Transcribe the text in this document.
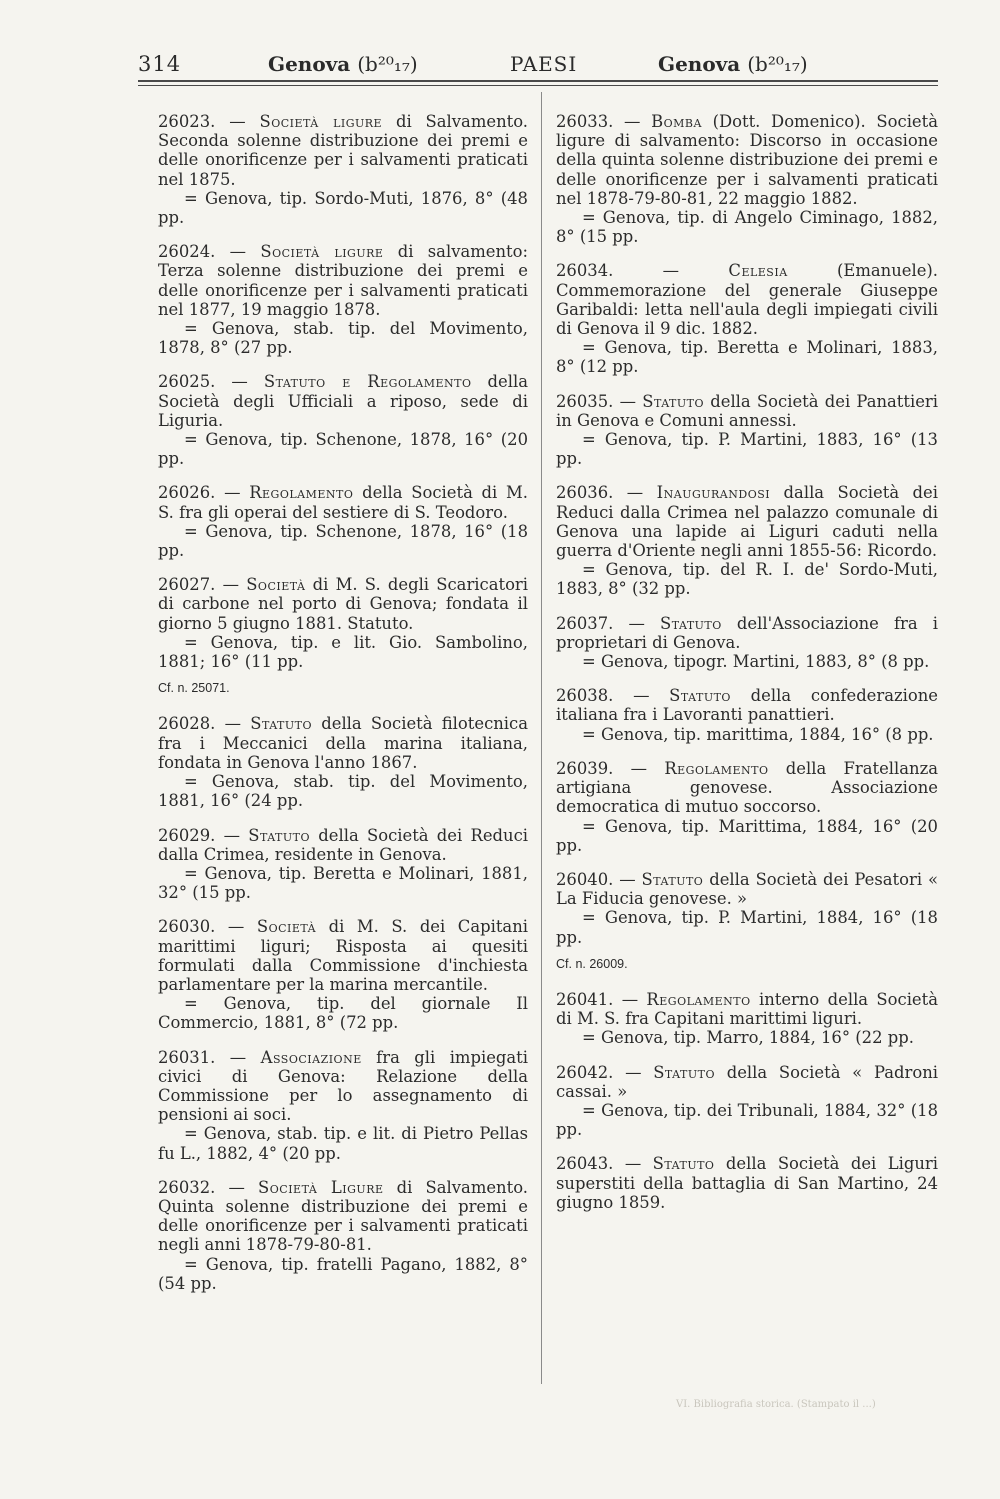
314	Genova (b²⁰₁₇)	PAESI	Genova (b²⁰₁₇)

26023. — Società ligure di Salvamento. Seconda solenne distribuzione dei premi e delle onorificenze per i salvamenti praticati nel 1875.

= Genova, tip. Sordo-Muti, 1876, 8° (48 pp.

26024. — Società ligure di salvamento: Terza solenne distribuzione dei premi e delle onorificenze per i salvamenti praticati nel 1877, 19 maggio 1878.

= Genova, stab. tip. del Movimento, 1878, 8° (27 pp.

26025. — Statuto e Regolamento della Società degli Ufficiali a riposo, sede di Liguria.

= Genova, tip. Schenone, 1878, 16° (20 pp.

26026. — Regolamento della Società di M. S. fra gli operai del sestiere di S. Teodoro.

= Genova, tip. Schenone, 1878, 16° (18 pp.

26027. — Società di M. S. degli Scaricatori di carbone nel porto di Genova; fondata il giorno 5 giugno 1881. Statuto.

= Genova, tip. e lit. Gio. Sambolino, 1881; 16° (11 pp.

Cf. n. 25071.

26028. — Statuto della Società filotecnica fra i Meccanici della marina italiana, fondata in Genova l'anno 1867.

= Genova, stab. tip. del Movimento, 1881, 16° (24 pp.

26029. — Statuto della Società dei Reduci dalla Crimea, residente in Genova.

= Genova, tip. Beretta e Molinari, 1881, 32° (15 pp.

26030. — Società di M. S. dei Capitani marittimi liguri; Risposta ai quesiti formulati dalla Commissione d'inchiesta parlamentare per la marina mercantile.

= Genova, tip. del giornale Il Commercio, 1881, 8° (72 pp.

26031. — Associazione fra gli impiegati civici di Genova: Relazione della Commissione per lo assegnamento di pensioni ai soci.

= Genova, stab. tip. e lit. di Pietro Pellas fu L., 1882, 4° (20 pp.

26032. — Società Ligure di Salvamento. Quinta solenne distribuzione dei premi e delle onorificenze per i salvamenti praticati negli anni 1878-79-80-81.

= Genova, tip. fratelli Pagano, 1882, 8° (54 pp.

26033. — Bomba (Dott. Domenico). Società ligure di salvamento: Discorso in occasione della quinta solenne distribuzione dei premi e delle onorificenze per i salvamenti praticati nel 1878-79-80-81, 22 maggio 1882.

= Genova, tip. di Angelo Ciminago, 1882, 8° (15 pp.

26034. — Celesia (Emanuele). Commemorazione del generale Giuseppe Garibaldi: letta nell'aula degli impiegati civili di Genova il 9 dic. 1882.

= Genova, tip. Beretta e Molinari, 1883, 8° (12 pp.

26035. — Statuto della Società dei Panattieri in Genova e Comuni annessi.

= Genova, tip. P. Martini, 1883, 16° (13 pp.

26036. — Inaugurandosi dalla Società dei Reduci dalla Crimea nel palazzo comunale di Genova una lapide ai Liguri caduti nella guerra d'Oriente negli anni 1855-56: Ricordo.

= Genova, tip. del R. I. de' Sordo-Muti, 1883, 8° (32 pp.

26037. — Statuto dell'Associazione fra i proprietari di Genova.

= Genova, tipogr. Martini, 1883, 8° (8 pp.

26038. — Statuto della confederazione italiana fra i Lavoranti panattieri.

= Genova, tip. marittima, 1884, 16° (8 pp.

26039. — Regolamento della Fratellanza artigiana genovese. Associazione democratica di mutuo soccorso.

= Genova, tip. Marittima, 1884, 16° (20 pp.

26040. — Statuto della Società dei Pesatori « La Fiducia genovese. »

= Genova, tip. P. Martini, 1884, 16° (18 pp.

Cf. n. 26009.

26041. — Regolamento interno della Società di M. S. fra Capitani marittimi liguri.

= Genova, tip. Marro, 1884, 16° (22 pp.

26042. — Statuto della Società « Padroni cassai. »

= Genova, tip. dei Tribunali, 1884, 32° (18 pp.

26043. — Statuto della Società dei Liguri superstiti della battaglia di San Martino, 24 giugno 1859.

VI. Bibliografia storica. (Stampato il ...)
